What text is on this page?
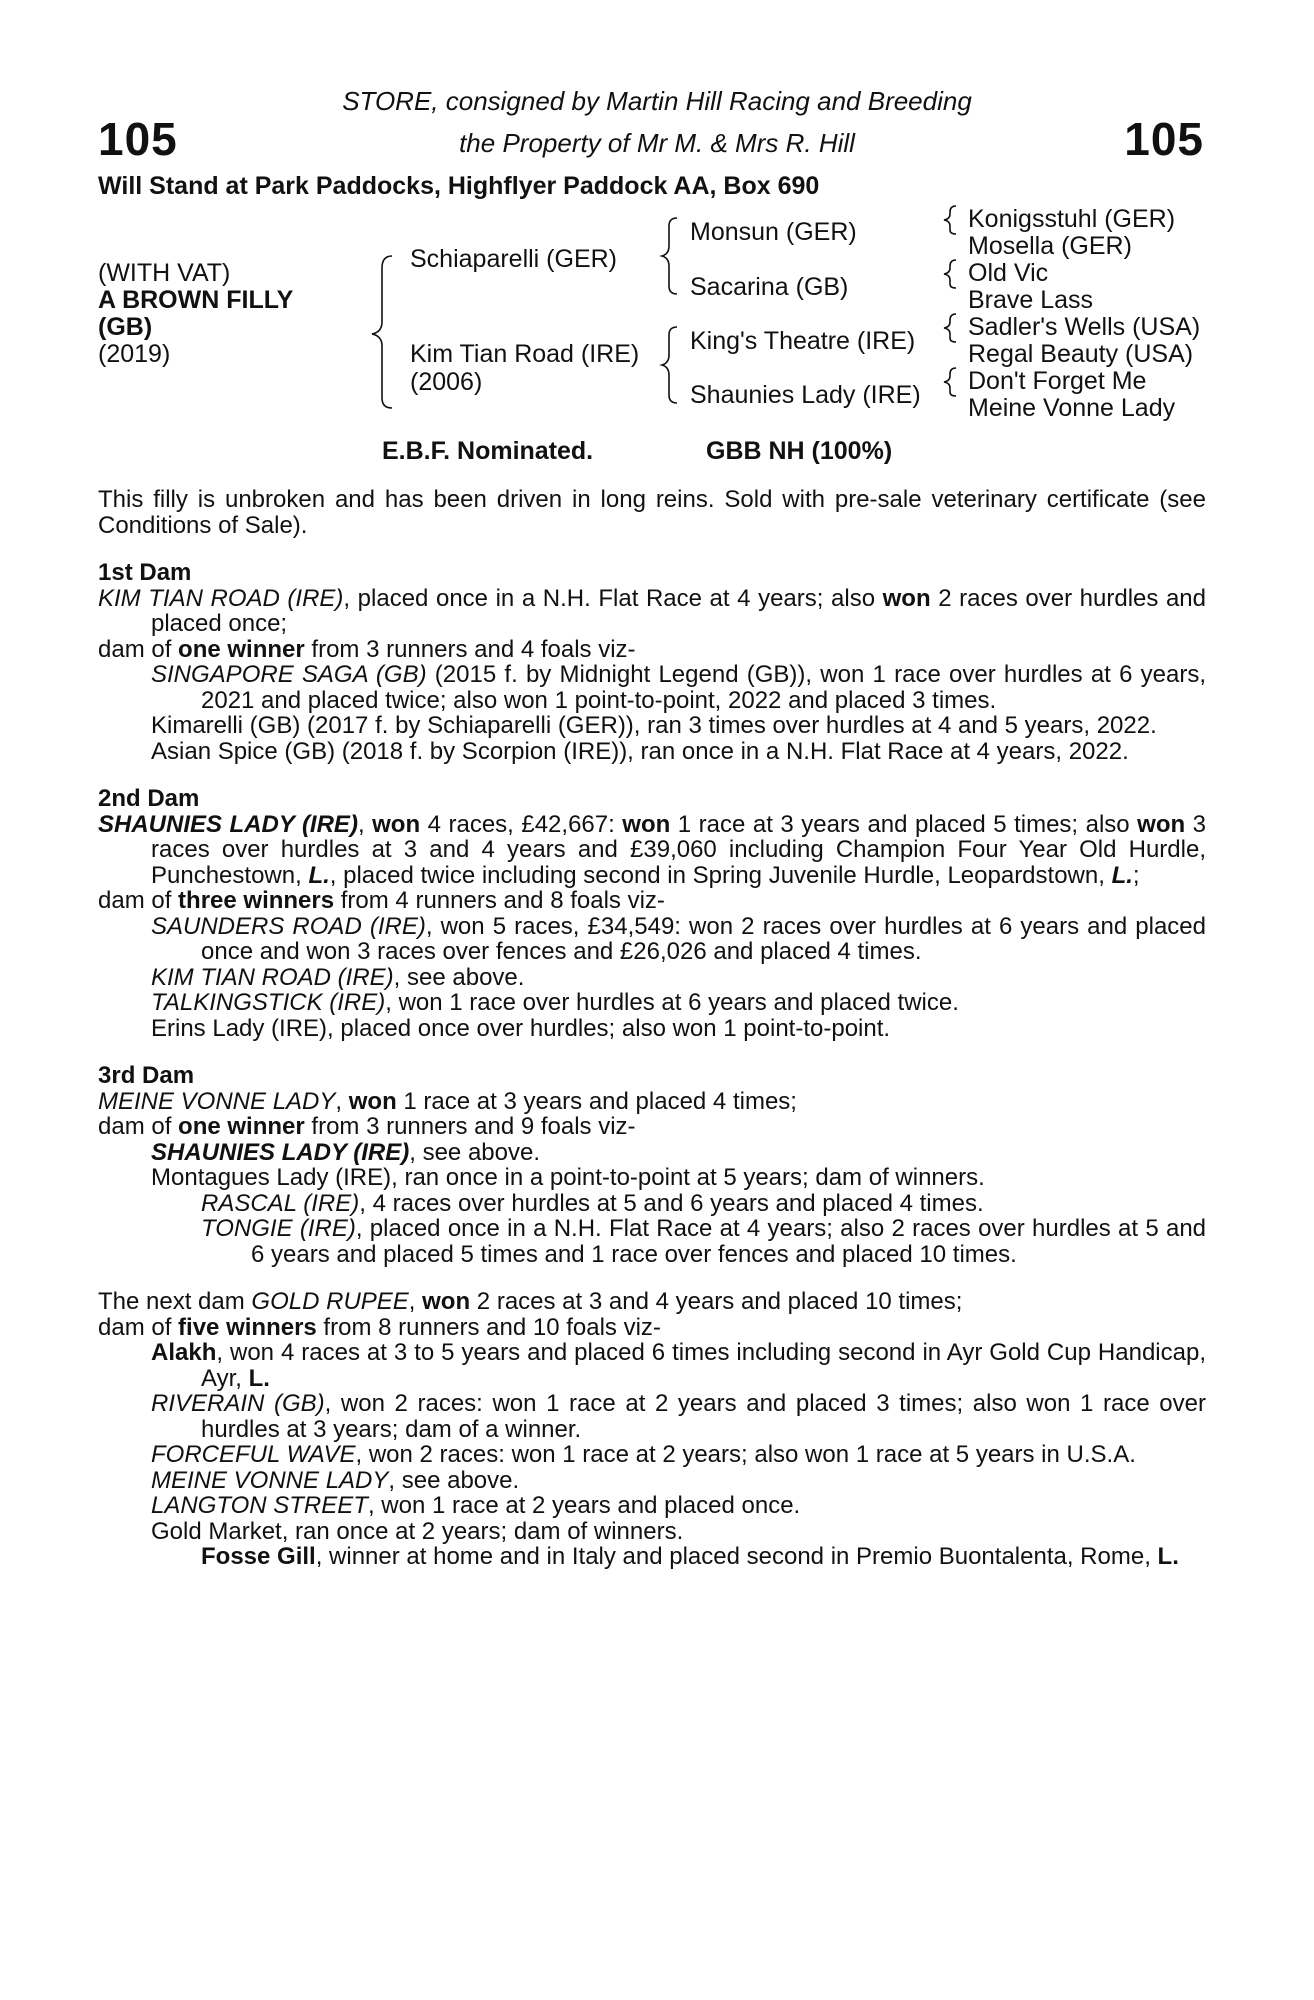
STORE, consigned by Martin Hill Racing and Breeding
the Property of Mr M. & Mrs R. Hill
105	105
Will Stand at Park Paddocks, Highflyer Paddock AA, Box 690
(WITH VAT)
A BROWN FILLY
(GB)
(2019)
Schiaparelli (GER)
Kim Tian Road (IRE)
(2006)
Monsun (GER)
Sacarina (GB)
King's Theatre (IRE)
Shaunies Lady (IRE)
Konigsstuhl (GER)
Mosella (GER)
Old Vic
Brave Lass
Sadler's Wells (USA)
Regal Beauty (USA)
Don't Forget Me
Meine Vonne Lady
E.B.F. Nominated.	GBB NH (100%)

This filly is unbroken and has been driven in long reins. Sold with pre-sale veterinary certificate (see Conditions of Sale).

1st Dam

KIM TIAN ROAD (IRE), placed once in a N.H. Flat Race at 4 years; also won 2 races over hurdles and placed once;

dam of one winner from 3 runners and 4 foals viz-

SINGAPORE SAGA (GB) (2015 f. by Midnight Legend (GB)), won 1 race over hurdles at 6 years, 2021 and placed twice; also won 1 point-to-point, 2022 and placed 3 times.

Kimarelli (GB) (2017 f. by Schiaparelli (GER)), ran 3 times over hurdles at 4 and 5 years, 2022.

Asian Spice (GB) (2018 f. by Scorpion (IRE)), ran once in a N.H. Flat Race at 4 years, 2022.

2nd Dam

SHAUNIES LADY (IRE), won 4 races, £42,667: won 1 race at 3 years and placed 5 times; also won 3 races over hurdles at 3 and 4 years and £39,060 including Champion Four Year Old Hurdle, Punchestown, L., placed twice including second in Spring Juvenile Hurdle, Leopardstown, L.;

dam of three winners from 4 runners and 8 foals viz-

SAUNDERS ROAD (IRE), won 5 races, £34,549: won 2 races over hurdles at 6 years and placed once and won 3 races over fences and £26,026 and placed 4 times.

KIM TIAN ROAD (IRE), see above.

TALKINGSTICK (IRE), won 1 race over hurdles at 6 years and placed twice.

Erins Lady (IRE), placed once over hurdles; also won 1 point-to-point.

3rd Dam

MEINE VONNE LADY, won 1 race at 3 years and placed 4 times;

dam of one winner from 3 runners and 9 foals viz-

SHAUNIES LADY (IRE), see above.

Montagues Lady (IRE), ran once in a point-to-point at 5 years; dam of winners.

RASCAL (IRE), 4 races over hurdles at 5 and 6 years and placed 4 times.

TONGIE (IRE), placed once in a N.H. Flat Race at 4 years; also 2 races over hurdles at 5 and 6 years and placed 5 times and 1 race over fences and placed 10 times.

The next dam GOLD RUPEE, won 2 races at 3 and 4 years and placed 10 times;

dam of five winners from 8 runners and 10 foals viz-

Alakh, won 4 races at 3 to 5 years and placed 6 times including second in Ayr Gold Cup Handicap, Ayr, L.

RIVERAIN (GB), won 2 races: won 1 race at 2 years and placed 3 times; also won 1 race over hurdles at 3 years; dam of a winner.

FORCEFUL WAVE, won 2 races: won 1 race at 2 years; also won 1 race at 5 years in U.S.A.

MEINE VONNE LADY, see above.

LANGTON STREET, won 1 race at 2 years and placed once.

Gold Market, ran once at 2 years; dam of winners.

Fosse Gill, winner at home and in Italy and placed second in Premio Buontalenta, Rome, L.
